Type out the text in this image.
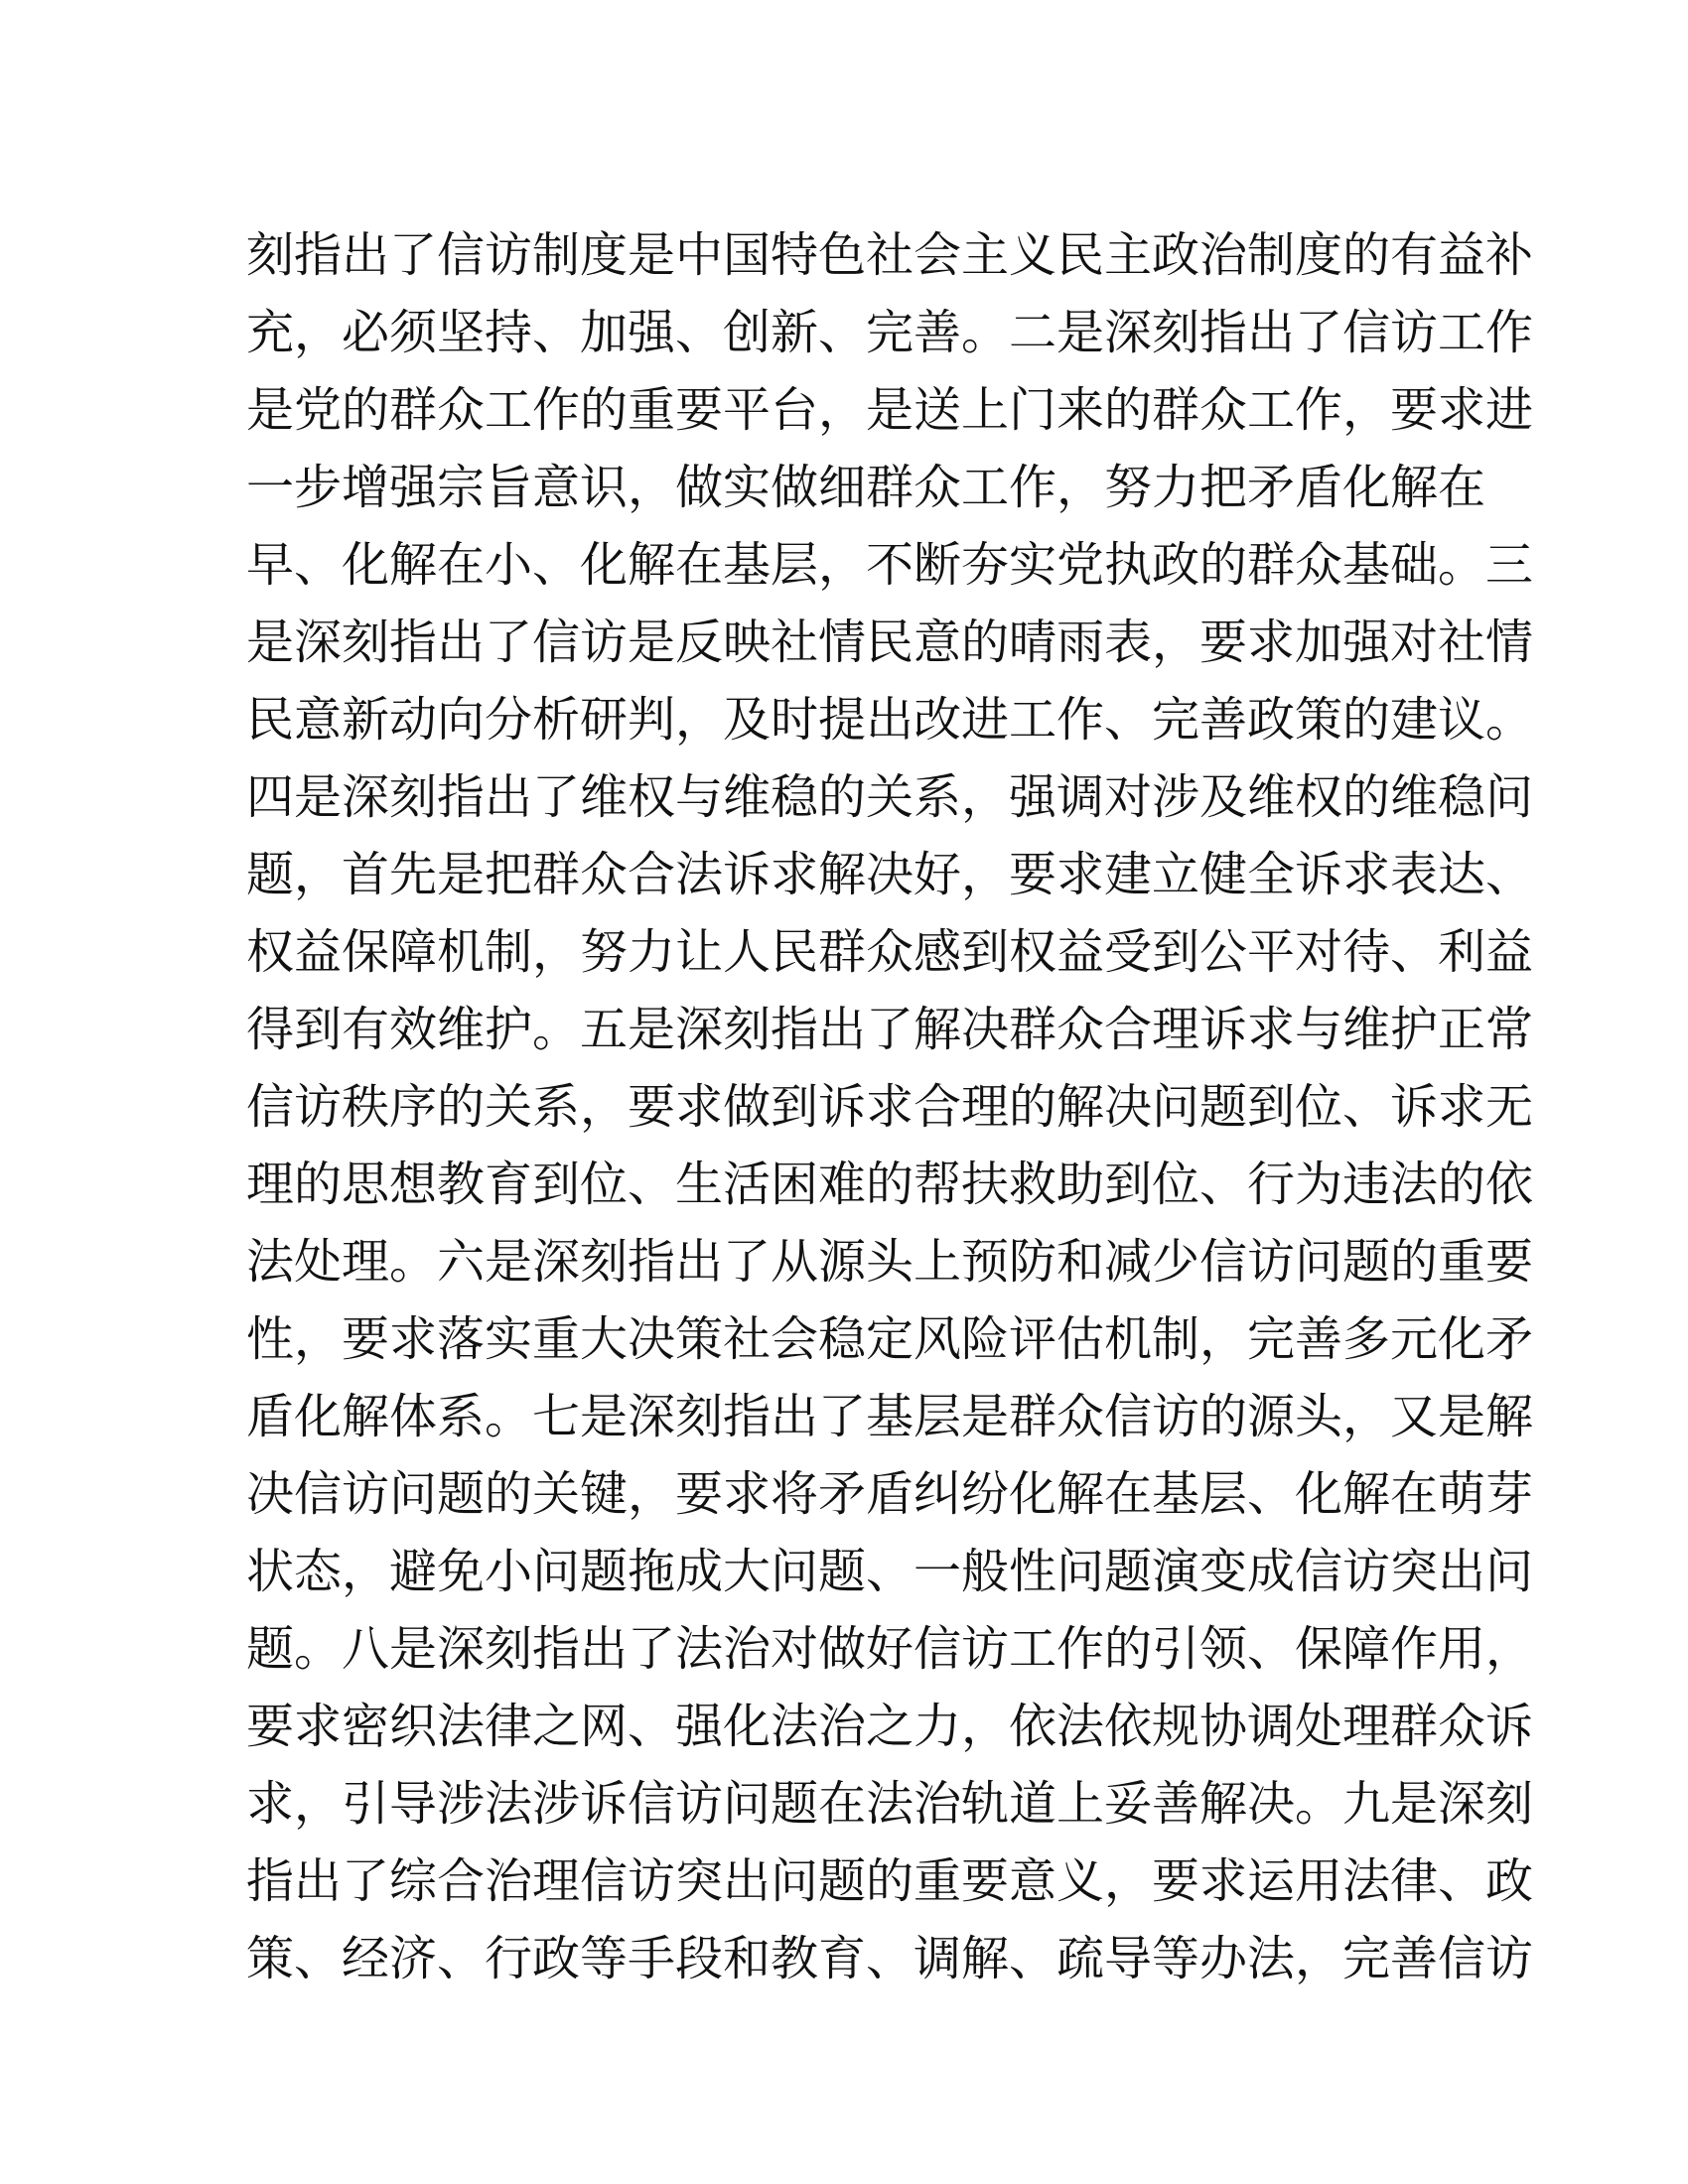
刻指出了信访制度是中国特色社会主义民主政治制度的有益补
充，必须坚持、加强、创新、完善。二是深刻指出了信访工作
是党的群众工作的重要平台，是送上门来的群众工作，要求进
一步增强宗旨意识，做实做细群众工作，努力把矛盾化解在
早、化解在小、化解在基层，不断夯实党执政的群众基础。三
是深刻指出了信访是反映社情民意的晴雨表，要求加强对社情
民意新动向分析研判，及时提出改进工作、完善政策的建议。
四是深刻指出了维权与维稳的关系，强调对涉及维权的维稳问
题，首先是把群众合法诉求解决好，要求建立健全诉求表达、
权益保障机制，努力让人民群众感到权益受到公平对待、利益
得到有效维护。五是深刻指出了解决群众合理诉求与维护正常
信访秩序的关系，要求做到诉求合理的解决问题到位、诉求无
理的思想教育到位、生活困难的帮扶救助到位、行为违法的依
法处理。六是深刻指出了从源头上预防和减少信访问题的重要
性，要求落实重大决策社会稳定风险评估机制，完善多元化矛
盾化解体系。七是深刻指出了基层是群众信访的源头，又是解
决信访问题的关键，要求将矛盾纠纷化解在基层、化解在萌芽
状态，避免小问题拖成大问题、一般性问题演变成信访突出问
题。八是深刻指出了法治对做好信访工作的引领、保障作用，
要求密织法律之网、强化法治之力，依法依规协调处理群众诉
求，引导涉法涉诉信访问题在法治轨道上妥善解决。九是深刻
指出了综合治理信访突出问题的重要意义，要求运用法律、政
策、经济、行政等手段和教育、调解、疏导等办法，完善信访
